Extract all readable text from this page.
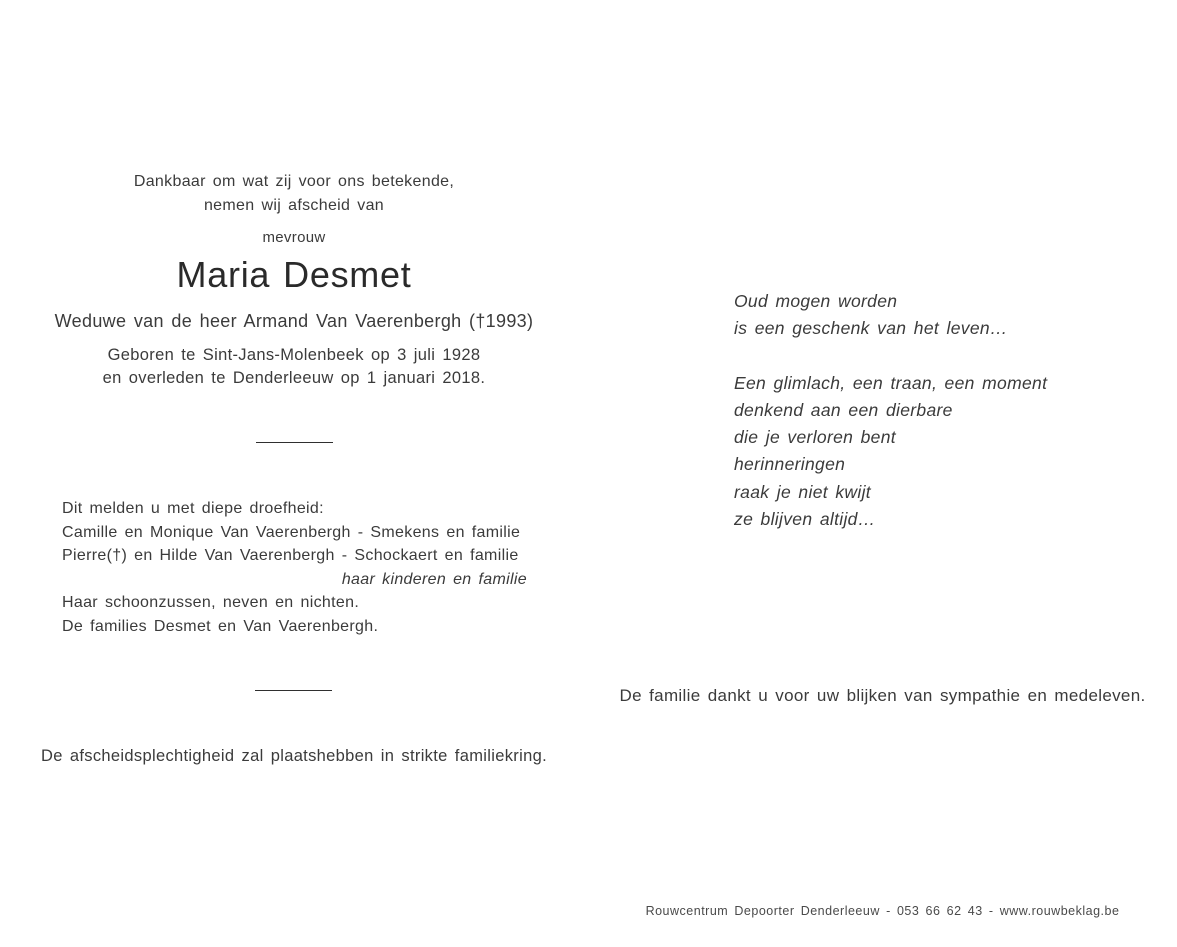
Dankbaar om wat zij voor ons betekende,
nemen wij afscheid van
mevrouw
Maria Desmet
Weduwe van de heer Armand Van Vaerenbergh (†1993)
Geboren te Sint-Jans-Molenbeek op 3 juli 1928
en overleden te Denderleeuw op 1 januari 2018.
Dit melden u met diepe droefheid:
Camille en Monique Van Vaerenbergh - Smekens en familie
Pierre(†) en Hilde Van Vaerenbergh - Schockaert en familie
haar kinderen en familie
Haar schoonzussen, neven en nichten.
De families Desmet en Van Vaerenbergh.
De afscheidsplechtigheid zal plaatshebben in strikte familiekring.
Oud mogen worden
is een geschenk van het leven…
Een glimlach, een traan, een moment
denkend aan een dierbare
die je verloren bent
herinneringen
raak je niet kwijt
ze blijven altijd…
De familie dankt u voor uw blijken van sympathie en medeleven.
Rouwcentrum Depoorter Denderleeuw - 053 66 62 43 - www.rouwbeklag.be
